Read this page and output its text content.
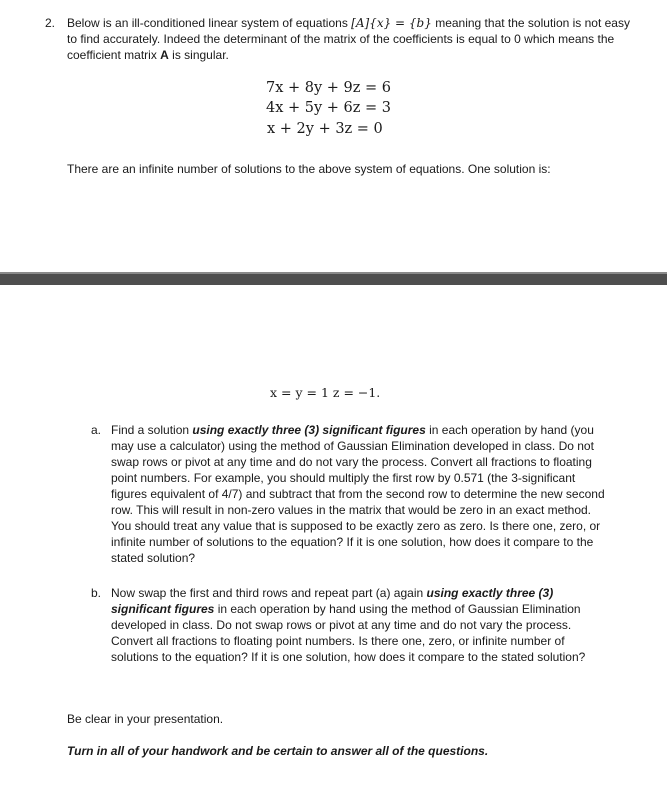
2. Below is an ill-conditioned linear system of equations [A]{x} = {b} meaning that the solution is not easy to find accurately. Indeed the determinant of the matrix of the coefficients is equal to 0 which means the coefficient matrix A is singular.
7x + 8y + 9z = 6
4x + 5y + 6z = 3
x + 2y + 3z = 0
There are an infinite number of solutions to the above system of equations. One solution is:
x = y = 1 z = −1.
a. Find a solution using exactly three (3) significant figures in each operation by hand (you may use a calculator) using the method of Gaussian Elimination developed in class. Do not swap rows or pivot at any time and do not vary the process. Convert all fractions to floating point numbers. For example, you should multiply the first row by 0.571 (the 3-significant figures equivalent of 4/7) and subtract that from the second row to determine the new second row. This will result in non-zero values in the matrix that would be zero in an exact method. You should treat any value that is supposed to be exactly zero as zero. Is there one, zero, or infinite number of solutions to the equation? If it is one solution, how does it compare to the stated solution?
b. Now swap the first and third rows and repeat part (a) again using exactly three (3) significant figures in each operation by hand using the method of Gaussian Elimination developed in class. Do not swap rows or pivot at any time and do not vary the process. Convert all fractions to floating point numbers. Is there one, zero, or infinite number of solutions to the equation? If it is one solution, how does it compare to the stated solution?
Be clear in your presentation.
Turn in all of your handwork and be certain to answer all of the questions.
